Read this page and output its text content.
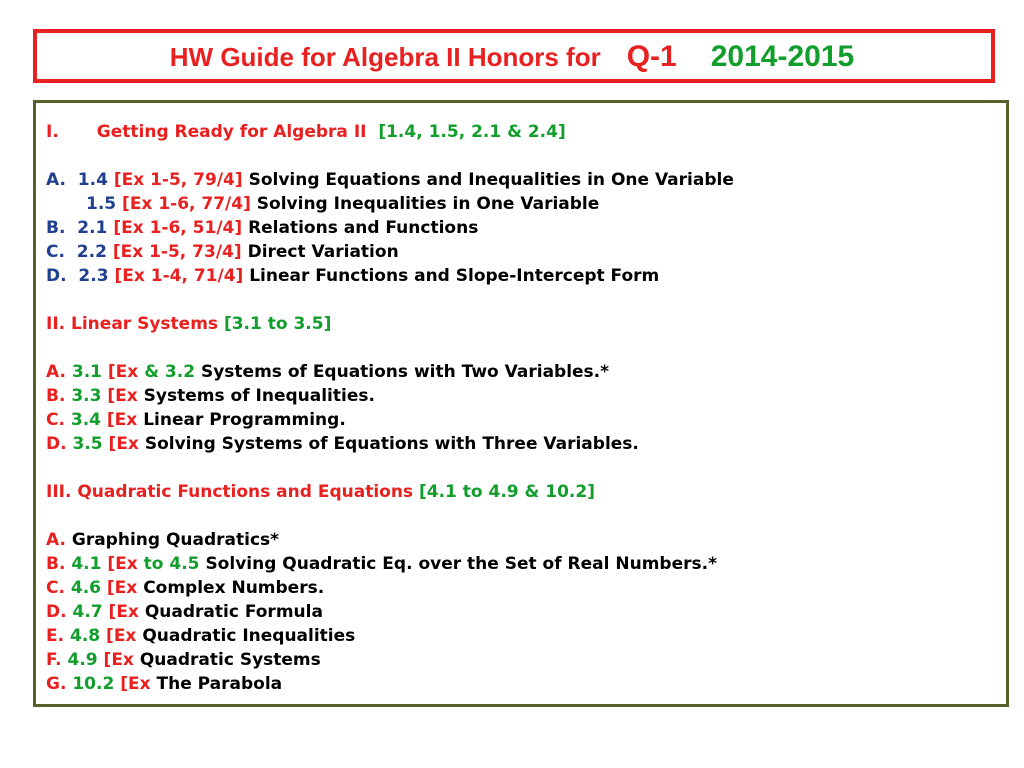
HW Guide for Algebra II Honors for Q-1 2014-2015
I. Getting Ready for Algebra II [1.4, 1.5, 2.1 & 2.4]
A. 1.4 [Ex 1-5, 79/4] Solving Equations and Inequalities in One Variable
1.5 [Ex 1-6, 77/4] Solving Inequalities in One Variable
B. 2.1 [Ex 1-6, 51/4] Relations and Functions
C. 2.2 [Ex 1-5, 73/4] Direct Variation
D. 2.3 [Ex 1-4, 71/4] Linear Functions and Slope-Intercept Form
II. Linear Systems [3.1 to 3.5]
A. 3.1 [Ex & 3.2 Systems of Equations with Two Variables.*
B. 3.3 [Ex Systems of Inequalities.
C. 3.4 [Ex Linear Programming.
D. 3.5 [Ex Solving Systems of Equations with Three Variables.
III. Quadratic Functions and Equations [4.1 to 4.9 & 10.2]
A. Graphing Quadratics*
B. 4.1 [Ex to 4.5 Solving Quadratic Eq. over the Set of Real Numbers.*
C. 4.6 [Ex Complex Numbers.
D. 4.7 [Ex Quadratic Formula
E. 4.8 [Ex Quadratic Inequalities
F. 4.9 [Ex Quadratic Systems
G. 10.2 [Ex The Parabola
